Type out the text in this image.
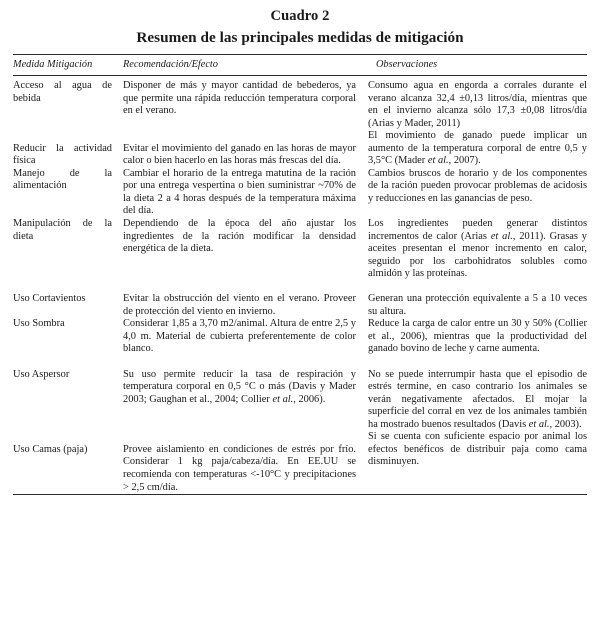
Cuadro 2
Resumen de las principales medidas de mitigación
Medida Mitigación	Recomendación/Efecto	Observaciones
Acceso al agua de bebida	Disponer de más y mayor cantidad de bebederos, ya que permite una rápida reducción temperatura corporal en el verano.	Consumo agua en engorda a corrales durante el verano alcanza 32,4 ±0,13 litros/día, mientras que en el invierno alcanza sólo 17,3 ±0,08 litros/día (Arias y Mader, 2011)

Reducir la actividad física	Evitar el movimiento del ganado en las horas de mayor calor o bien hacerlo en las horas más frescas del día.	El movimiento de ganado puede implicar un aumento de la temperatura corporal de entre 0,5 y 3,5°C (Mader et al., 2007).
Manejo de la alimentación	Cambiar el horario de la entrega matutina de la ración por una entrega vespertina o bien suministrar ~70% de la dieta 2 a 4 horas después de la temperatura máxima del día.	Cambios bruscos de horario y de los componentes de la ración pueden provocar problemas de acidosis y reducciones en las ganancias de peso.
Manipulación de la dieta	Dependiendo de la época del año ajustar los ingredientes de la ración modificar la densidad energética de la dieta.	Los ingredientes pueden generar distintos incrementos de calor (Arias et al., 2011). Grasas y aceites presentan el menor incremento en calor, seguido por los carbohidratos solubles como almidón y las proteínas.

Uso Cortavientos	Evitar la obstrucción del viento en el verano. Proveer de protección del viento en invierno.	Generan una protección equivalente a 5 a 10 veces su altura.
Uso Sombra	Considerar 1,85 a 3,70 m2/animal. Altura de entre 2,5 y 4,0 m. Material de cubierta preferentemente de color blanco.	Reduce la carga de calor entre un 30 y 50% (Collier et al., 2006), mientras que la productividad del ganado bovino de leche y carne aumenta.

Uso Aspersor	Su uso permite reducir la tasa de respiración y temperatura corporal en 0,5 °C o más (Davis y Mader 2003; Gaughan et al., 2004; Collier et al., 2006).	No se puede interrumpir hasta que el episodio de estrés termine, en caso contrario los animales se verán negativamente afectados. El mojar la superficie del corral en vez de los animales también ha mostrado buenos resultados (Davis et al., 2003).

Uso Camas (paja)	Provee aislamiento en condiciones de estrés por frío. Considerar 1 kg paja/cabeza/día. En EE.UU se recomienda con temperaturas <-10°C y precipitaciones > 2,5 cm/día.	Si se cuenta con suficiente espacio por animal los efectos benéficos de distribuir paja como cama disminuyen.
